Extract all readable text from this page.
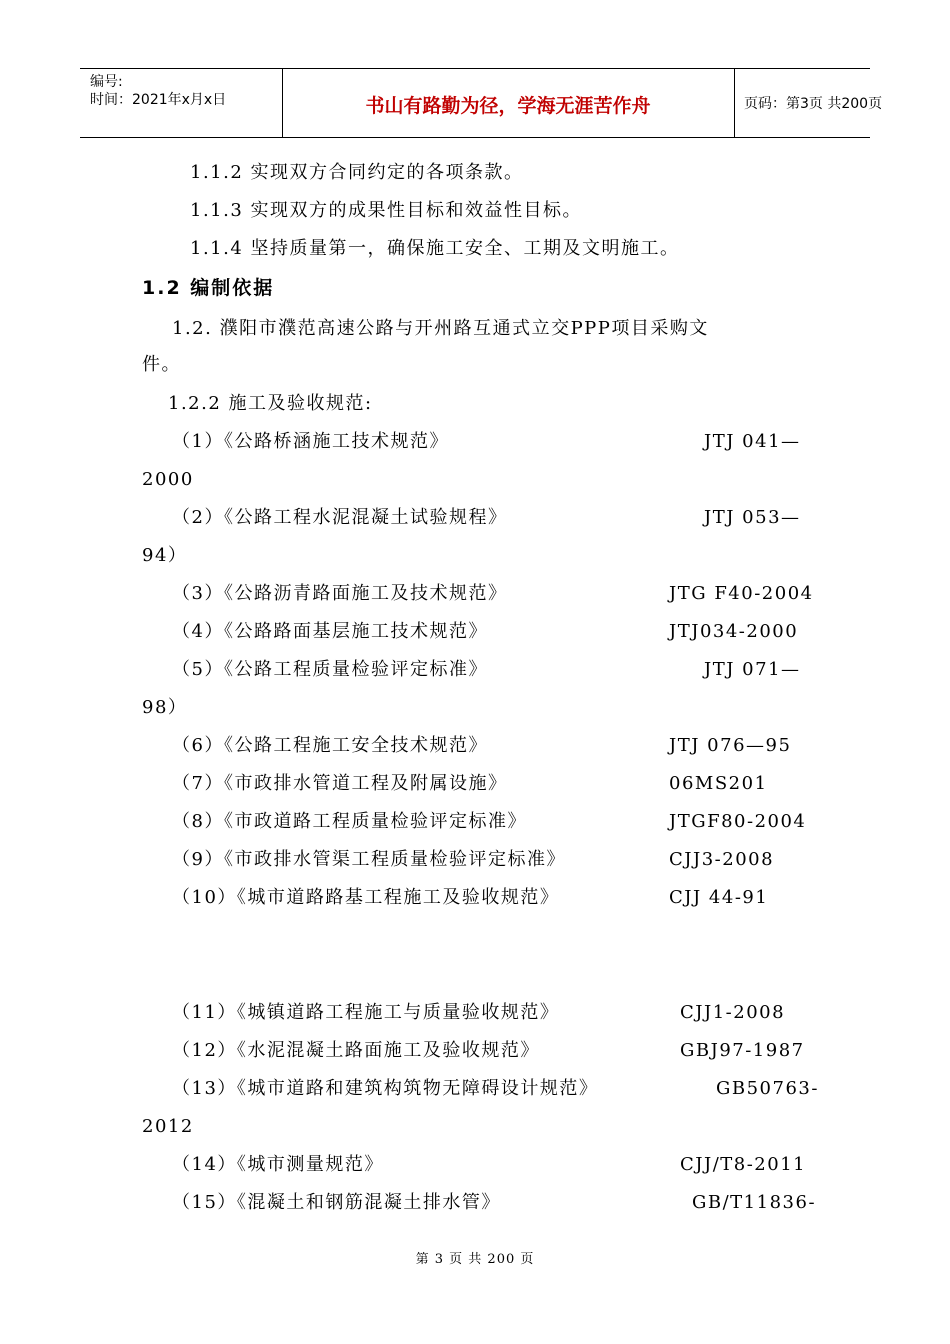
编号:
时间：2021年x月x日	书山有路勤为径，学海无涯苦作舟	页码：第3页 共200页
1.1.2 实现双方合同约定的各项条款。
1.1.3 实现双方的成果性目标和效益性目标。
1.1.4 坚持质量第一，确保施工安全、工期及文明施工。
1.2 编制依据
1.2. 濮阳市濮范高速公路与开州路互通式立交PPP项目采购文
件。
1.2.2 施工及验收规范:
（1）《公路桥涵施工技术规范》	JTJ 041—
2000
（2）《公路工程水泥混凝土试验规程》	JTJ 053—
94）
（3）《公路沥青路面施工及技术规范》	JTG F40-2004
（4）《公路路面基层施工技术规范》	JTJ034-2000
（5）《公路工程质量检验评定标准》	JTJ 071—
98）
（6）《公路工程施工安全技术规范》	JTJ 076—95
（7）《市政排水管道工程及附属设施》	06MS201
（8）《市政道路工程质量检验评定标准》	JTGF80-2004
（9）《市政排水管渠工程质量检验评定标准》	CJJ3-2008
（10）《城市道路路基工程施工及验收规范》	CJJ 44-91
（11）《城镇道路工程施工与质量验收规范》	CJJ1-2008
（12）《水泥混凝土路面施工及验收规范》	GBJ97-1987
（13）《城市道路和建筑构筑物无障碍设计规范》	GB50763-
2012
（14）《城市测量规范》	CJJ/T8-2011
（15）《混凝土和钢筋混凝土排水管》	GB/T11836-
第 3 页 共 200 页
